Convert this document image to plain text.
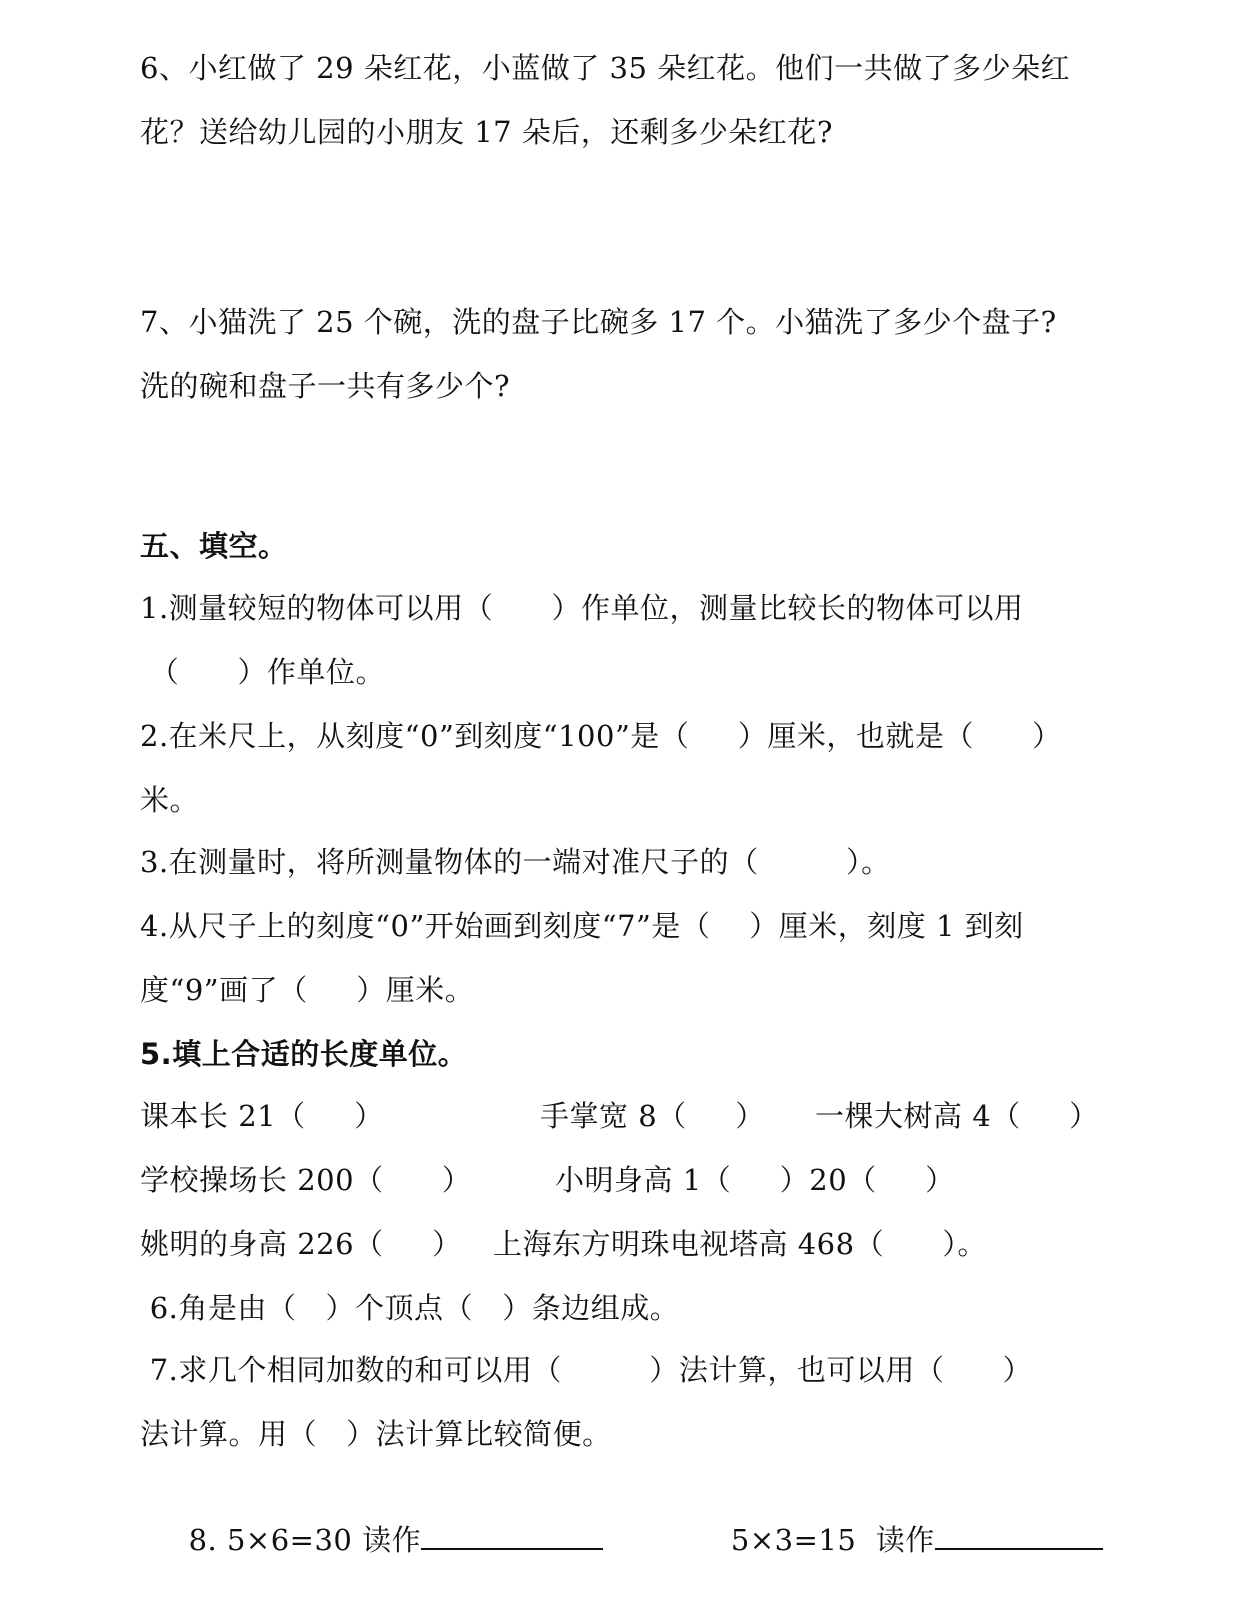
6、小红做了 29 朵红花，小蓝做了 35 朵红花。他们一共做了多少朵红
花？送给幼儿园的小朋友 17 朵后，还剩多少朵红花?
7、小猫洗了 25 个碗，洗的盘子比碗多 17 个。小猫洗了多少个盘子?
洗的碗和盘子一共有多少个?
五、填空。
1.测量较短的物体可以用（      ）作单位，测量比较长的物体可以用
（      ）作单位。
2.在米尺上，从刻度“0”到刻度“100”是（     ）厘米，也就是（      ）
米。
3.在测量时，将所测量物体的一端对准尺子的（         ）。
4.从尺子上的刻度“0”开始画到刻度“7”是（    ）厘米，刻度 1 到刻
度“9”画了（     ）厘米。
5.填上合适的长度单位。
课本长 21（     ）	手掌宽 8（     ） 一棵大树高 4（     ）
学校操场长 200（      ）	小明身高 1（     ）20（     ）
姚明的身高 226（     ） 上海东方明珠电视塔高 468（      ）。
6.角是由（   ）个顶点（   ）条边组成。
7.求几个相同加数的和可以用（         ）法计算，也可以用（      ）
法计算。用（   ）法计算比较简便。

8. 5×6=30 读作
	5×3=15  读作
